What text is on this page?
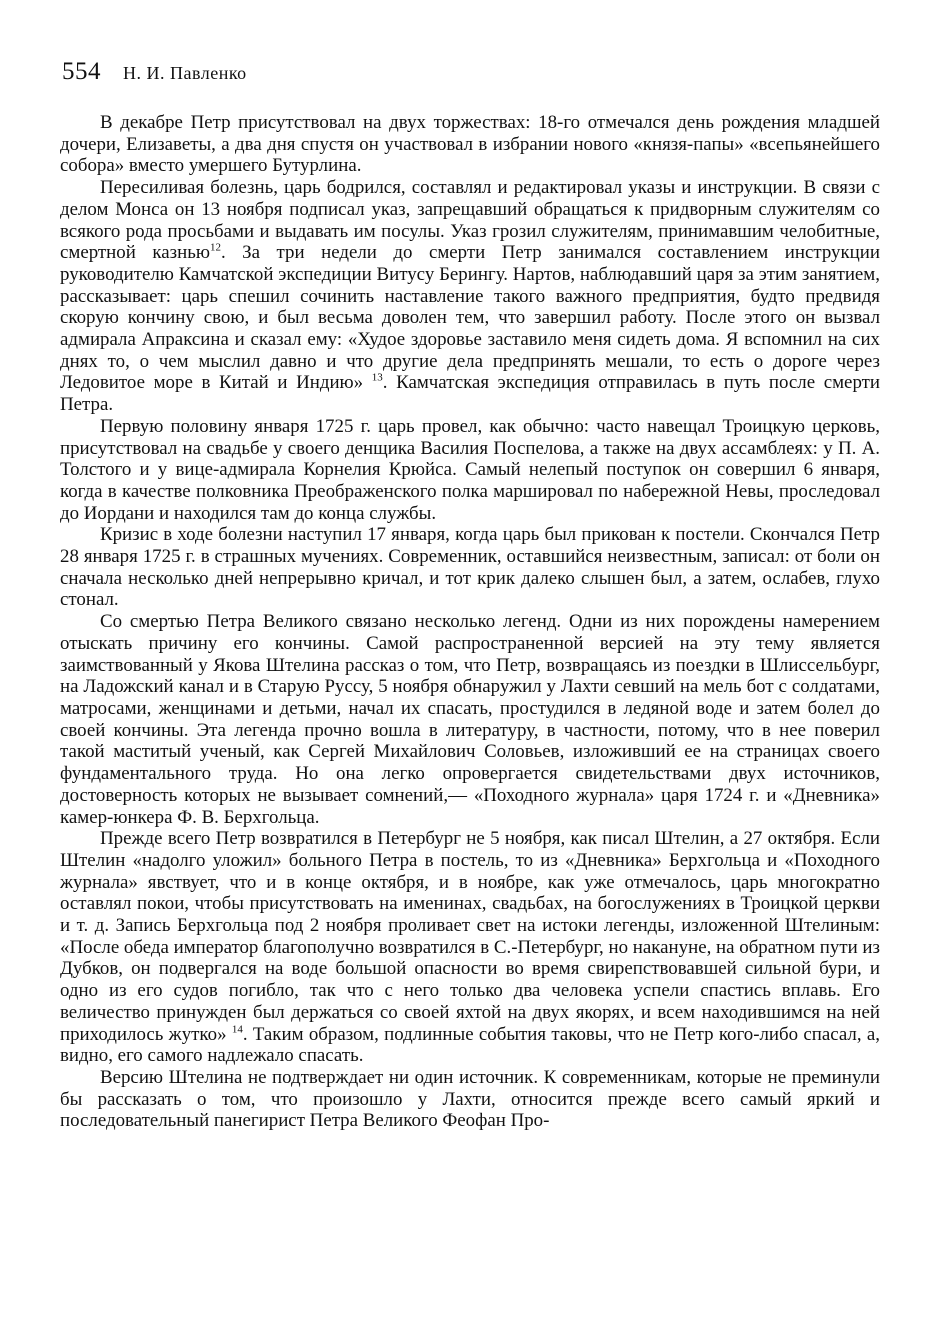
554 Н. И. Павленко

В декабре Петр присутствовал на двух торжествах: 18-го отмечался день рождения младшей дочери, Елизаветы, а два дня спустя он участвовал в избрании нового «князя-папы» «всепьянейшего собора» вместо умершего Бутурлина.

Пересиливая болезнь, царь бодрился, составлял и редактировал указы и инструкции. В связи с делом Монса он 13 ноября подписал указ, запрещавший обращаться к придворным служителям со всякого рода просьбами и выдавать им посулы. Указ грозил служителям, принимавшим челобитные, смертной казнью$^{12}$. За три недели до смерти Петр занимался составлением инструкции руководителю Камчатской экспедиции Витусу Берингу. Нартов, наблюдавший царя за этим занятием, рассказывает: царь спешил сочинить наставление такого важного предприятия, будто предвидя скорую кончину свою, и был весьма доволен тем, что завершил работу. После этого он вызвал адмирала Апраксина и сказал ему: «Худое здоровье заставило меня сидеть дома. Я вспомнил на сих днях то, о чем мыслил давно и что другие дела предпринять мешали, то есть о дороге через Ледовитое море в Китай и Индию» $^{13}$. Камчатская экспедиция отправилась в путь после смерти Петра.

Первую половину января 1725 г. царь провел, как обычно: часто навещал Троицкую церковь, присутствовал на свадьбе у своего денщика Василия Поспелова, а также на двух ассамблеях: у П. А. Толстого и у вице-адмирала Корнелия Крюйса. Самый нелепый поступок он совершил 6 января, когда в качестве полковника Преображенского полка маршировал по набережной Невы, проследовал до Иордани и находился там до конца службы.

Кризис в ходе болезни наступил 17 января, когда царь был прикован к постели. Скончался Петр 28 января 1725 г. в страшных мучениях. Современник, оставшийся неизвестным, записал: от боли он сначала несколько дней непрерывно кричал, и тот крик далеко слышен был, а затем, ослабев, глухо стонал.

Со смертью Петра Великого связано несколько легенд. Одни из них порождены намерением отыскать причину его кончины. Самой распространенной версией на эту тему является заимствованный у Якова Штелина рассказ о том, что Петр, возвращаясь из поездки в Шлиссельбург, на Ладожский канал и в Старую Руссу, 5 ноября обнаружил у Лахти севший на мель бот с солдатами, матросами, женщинами и детьми, начал их спасать, простудился в ледяной воде и затем болел до своей кончины. Эта легенда прочно вошла в литературу, в частности, потому, что в нее поверил такой маститый ученый, как Сергей Михайлович Соловьев, изложивший ее на страницах своего фундаментального труда. Но она легко опровергается свидетельствами двух источников, достоверность которых не вызывает сомнений,— «Походного журнала» царя 1724 г. и «Дневника» камер-юнкера Ф. В. Берхгольца.

Прежде всего Петр возвратился в Петербург не 5 ноября, как писал Штелин, а 27 октября. Если Штелин «надолго уложил» больного Петра в постель, то из «Дневника» Берхгольца и «Походного журнала» явствует, что и в конце октября, и в ноябре, как уже отмечалось, царь многократно оставлял покои, чтобы присутствовать на именинах, свадьбах, на богослужениях в Троицкой церкви и т. д. Запись Берхгольца под 2 ноября проливает свет на истоки легенды, изложенной Штелиным: «После обеда император благополучно возвратился в С.-Петербург, но накануне, на обратном пути из Дубков, он подвергался на воде большой опасности во время свирепствовавшей сильной бури, и одно из его судов погибло, так что с него только два человека успели спастись вплавь. Его величество принужден был держаться со своей яхтой на двух якорях, и всем находившимся на ней приходилось жутко» $^{14}$. Таким образом, подлинные события таковы, что не Петр кого-либо спасал, а, видно, его самого надлежало спасать.

Версию Штелина не подтверждает ни один источник. К современникам, которые не преминули бы рассказать о том, что произошло у Лахти, относится прежде всего самый яркий и последовательный панегирист Петра Великого Феофан Про-
